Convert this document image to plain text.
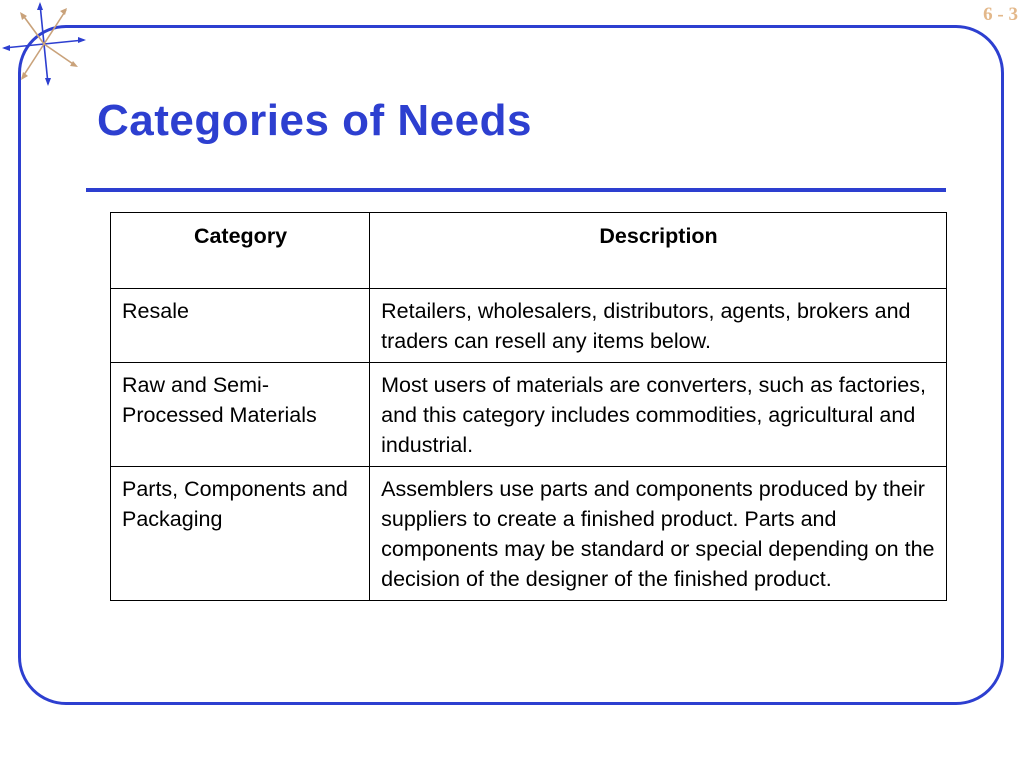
6 - 3
Categories of Needs
Category	Description
Resale	Retailers, wholesalers, distributors, agents, brokers and traders can resell any items below.
Raw and Semi-Processed Materials	Most users of materials are converters, such as factories, and this category includes commodities, agricultural and industrial.
Parts, Components and Packaging	Assemblers use parts and components produced by their suppliers to create a finished product. Parts and components may be standard or special depending on the decision of the designer of the finished product.
